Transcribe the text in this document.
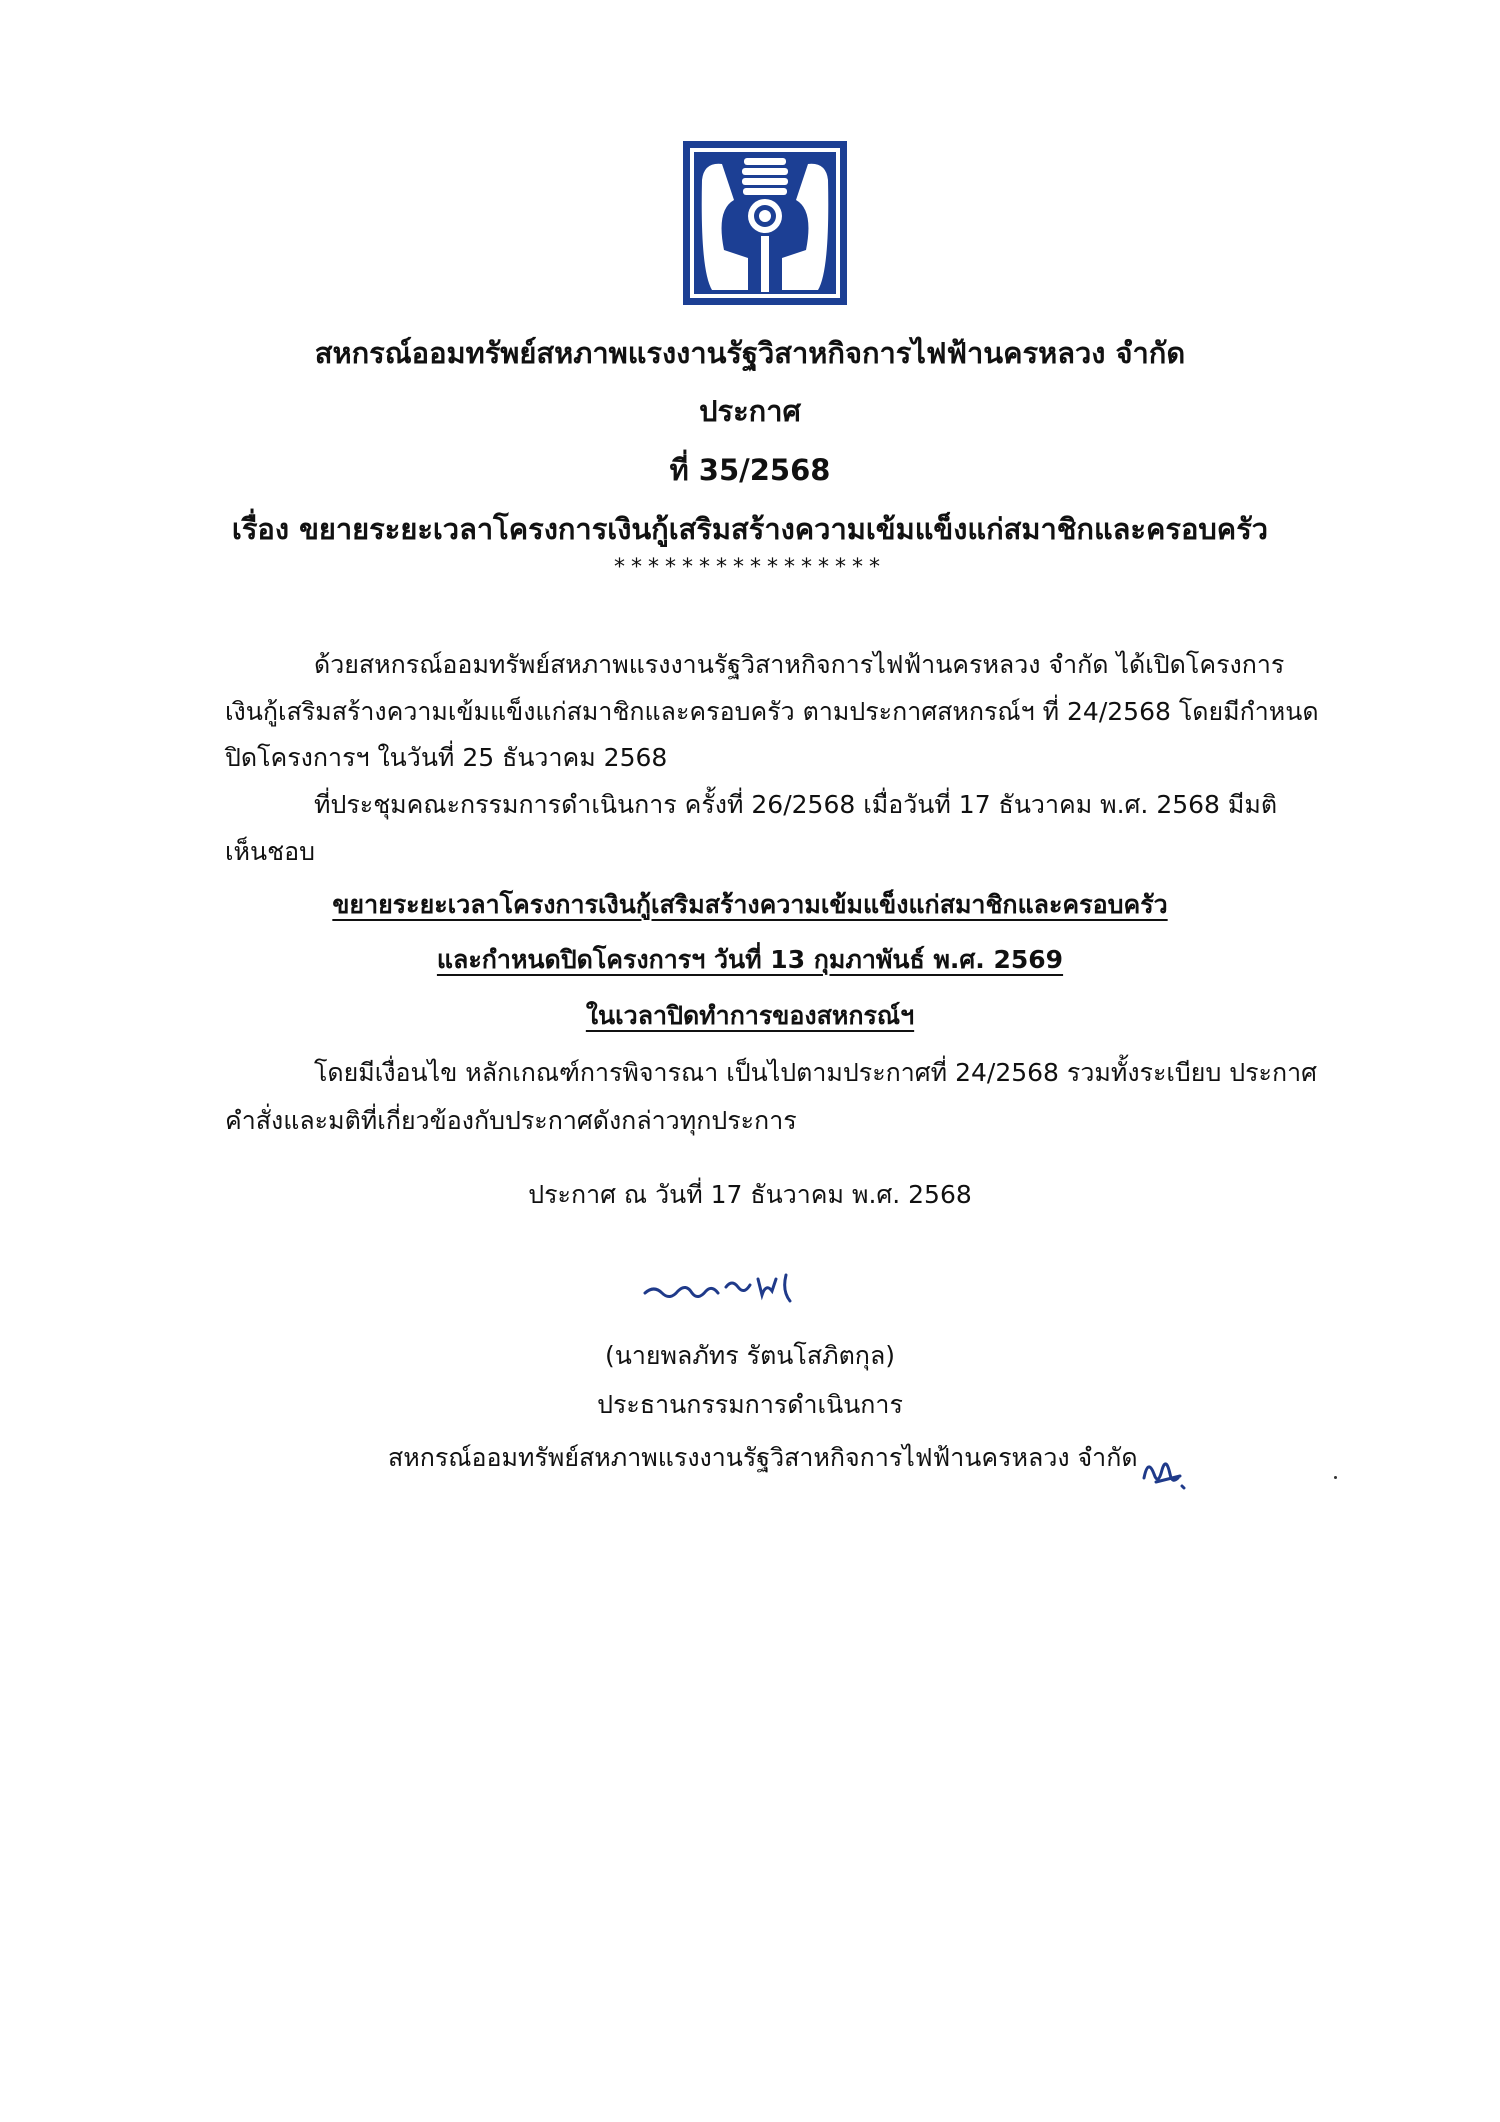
สหกรณ์ออมทรัพย์สหภาพแรงงานรัฐวิสาหกิจการไฟฟ้านครหลวง จำกัด
ประกาศ
ที่ 35/2568
เรื่อง ขยายระยะเวลาโครงการเงินกู้เสริมสร้างความเข้มแข็งแก่สมาชิกและครอบครัว
****************
ด้วยสหกรณ์ออมทรัพย์สหภาพแรงงานรัฐวิสาหกิจการไฟฟ้านครหลวง จำกัด ได้เปิดโครงการ
เงินกู้เสริมสร้างความเข้มแข็งแก่สมาชิกและครอบครัว ตามประกาศสหกรณ์ฯ ที่ 24/2568 โดยมีกำหนด
ปิดโครงการฯ ในวันที่ 25 ธันวาคม 2568
ที่ประชุมคณะกรรมการดำเนินการ ครั้งที่ 26/2568 เมื่อวันที่ 17 ธันวาคม พ.ศ. 2568 มีมติ
เห็นชอบ
ขยายระยะเวลาโครงการเงินกู้เสริมสร้างความเข้มแข็งแก่สมาชิกและครอบครัว
และกำหนดปิดโครงการฯ วันที่ 13 กุมภาพันธ์ พ.ศ. 2569
ในเวลาปิดทำการของสหกรณ์ฯ
โดยมีเงื่อนไข หลักเกณฑ์การพิจารณา เป็นไปตามประกาศที่ 24/2568 รวมทั้งระเบียบ ประกาศ
คำสั่งและมติที่เกี่ยวข้องกับประกาศดังกล่าวทุกประการ
ประกาศ ณ วันที่ 17 ธันวาคม พ.ศ. 2568
(นายพลภัทร รัตนโสภิตกุล)
ประธานกรรมการดำเนินการ
สหกรณ์ออมทรัพย์สหภาพแรงงานรัฐวิสาหกิจการไฟฟ้านครหลวง จำกัด
